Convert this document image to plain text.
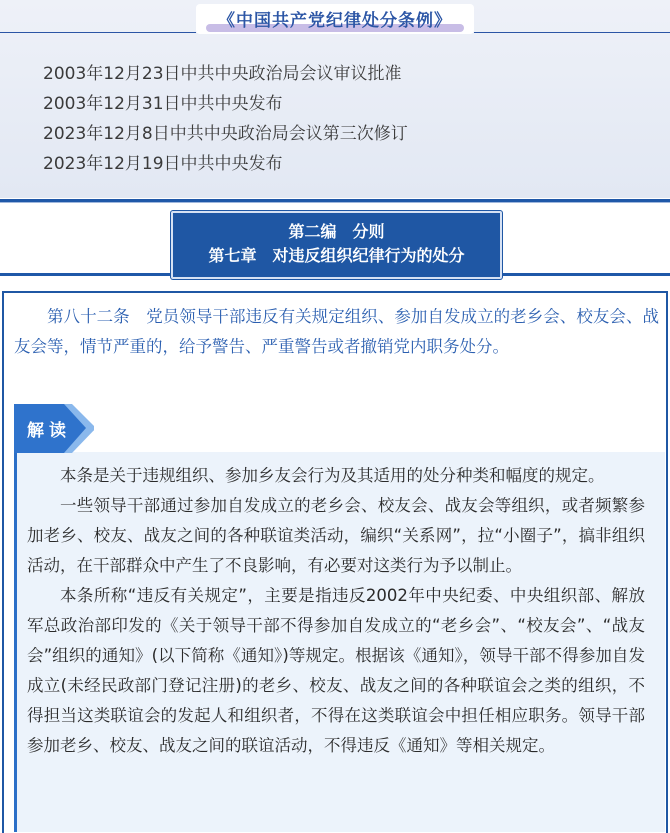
《中国共产党纪律处分条例》
2003年12月23日中共中央政治局会议审议批准
2003年12月31日中共中央发布
2023年12月8日中共中央政治局会议第三次修订
2023年12月19日中共中央发布
第二编　分则
第七章　对违反组织纪律行为的处分

第八十二条　党员领导干部违反有关规定组织、参加自发成立的老乡会、校友会、战友会等，情节严重的，给予警告、严重警告或者撤销党内职务处分。

解读

本条是关于违规组织、参加乡友会行为及其适用的处分种类和幅度的规定。

一些领导干部通过参加自发成立的老乡会、校友会、战友会等组织，或者频繁参加老乡、校友、战友之间的各种联谊类活动，编织“关系网”，拉“小圈子”，搞非组织活动，在干部群众中产生了不良影响，有必要对这类行为予以制止。

本条所称“违反有关规定”，主要是指违反2002年中央纪委、中央组织部、解放军总政治部印发的《关于领导干部不得参加自发成立的“老乡会”、“校友会”、“战友会”组织的通知》(以下简称《通知》)等规定。根据该《通知》，领导干部不得参加自发成立(未经民政部门登记注册)的老乡、校友、战友之间的各种联谊会之类的组织，不得担当这类联谊会的发起人和组织者，不得在这类联谊会中担任相应职务。领导干部参加老乡、校友、战友之间的联谊活动，不得违反《通知》等相关规定。
